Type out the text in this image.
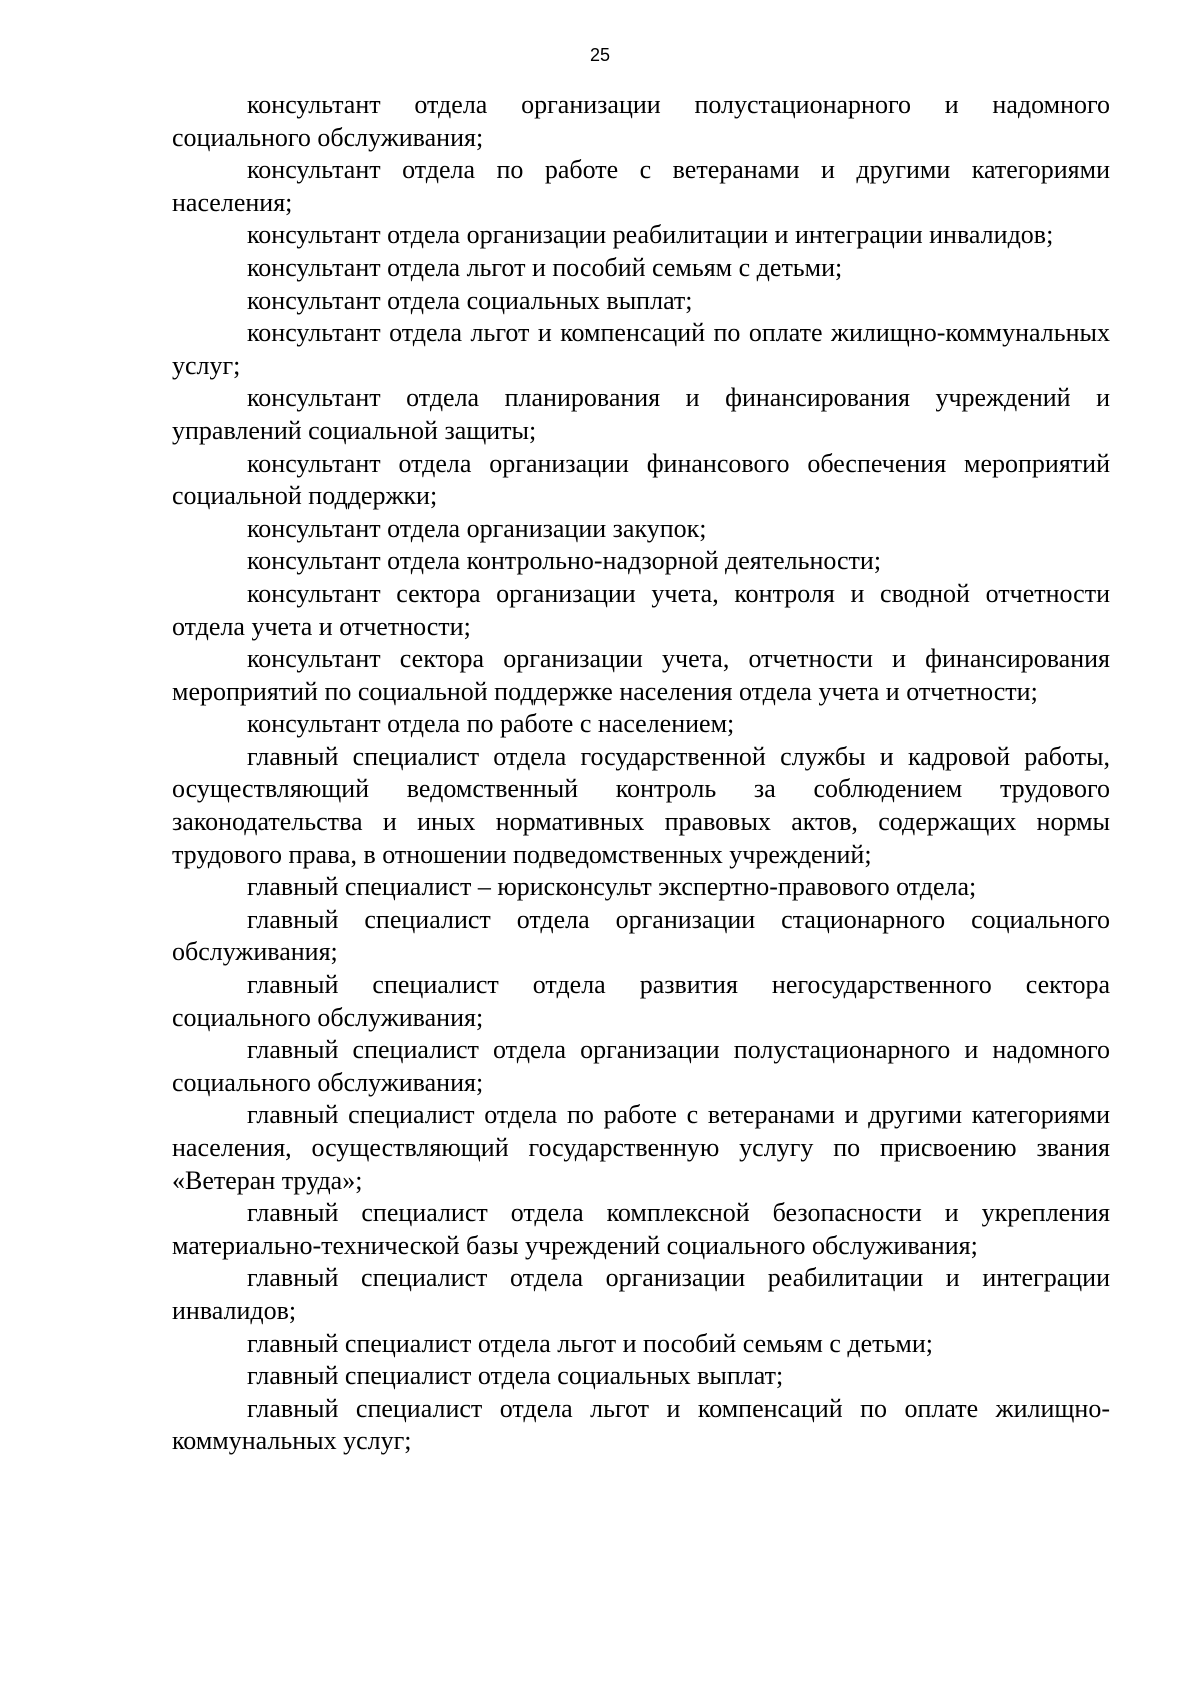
25

консультант отдела организации полустационарного и надомного социального обслуживания;

консультант отдела по работе с ветеранами и другими категориями населения;

консультант отдела организации реабилитации и интеграции инвалидов;

консультант отдела льгот и пособий семьям с детьми;

консультант отдела социальных выплат;

консультант отдела льгот и компенсаций по оплате жилищно-коммунальных услуг;

консультант отдела планирования и финансирования учреждений и управлений социальной защиты;

консультант отдела организации финансового обеспечения мероприятий социальной поддержки;

консультант отдела организации закупок;

консультант отдела контрольно-надзорной деятельности;

консультант сектора организации учета, контроля и сводной отчетности отдела учета и отчетности;

консультант сектора организации учета, отчетности и финансирования мероприятий по социальной поддержке населения отдела учета и отчетности;

консультант отдела по работе с населением;

главный специалист отдела государственной службы и кадровой работы, осуществляющий ведомственный контроль за соблюдением трудового законодательства и иных нормативных правовых актов, содержащих нормы трудового права, в отношении подведомственных учреждений;

главный специалист – юрисконсульт экспертно-правового отдела;

главный специалист отдела организации стационарного социального обслуживания;

главный специалист отдела развития негосударственного сектора социального обслуживания;

главный специалист отдела организации полустационарного и надомного социального обслуживания;

главный специалист отдела по работе с ветеранами и другими категориями населения, осуществляющий государственную услугу по присвоению звания «Ветеран труда»;

главный специалист отдела комплексной безопасности и укрепления материально-технической базы учреждений социального обслуживания;

главный специалист отдела организации реабилитации и интеграции инвалидов;

главный специалист отдела льгот и пособий семьям с детьми;

главный специалист отдела социальных выплат;

главный специалист отдела льгот и компенсаций по оплате жилищно-коммунальных услуг;
